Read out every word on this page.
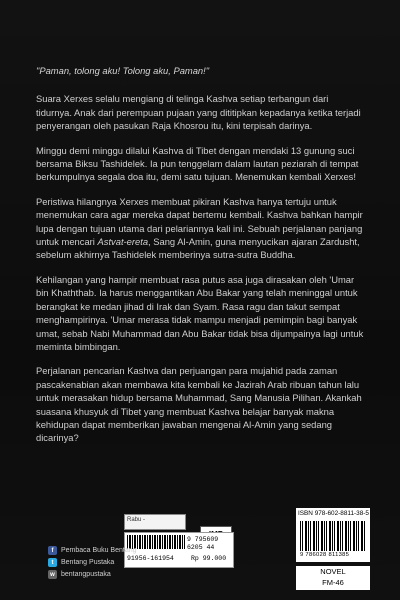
"Paman, tolong aku! Tolong aku, Paman!"

Suara Xerxes selalu mengiang di telinga Kashva setiap terbangun dari tidurnya. Anak dari perempuan pujaan yang dititipkan kepadanya ketika terjadi penyerangan oleh pasukan Raja Khosrou itu, kini terpisah darinya.

Minggu demi minggu dilalui Kashva di Tibet dengan mendaki 13 gunung suci bersama Biksu Tashidelek. Ia pun tenggelam dalam lautan peziarah di tempat berkumpulnya segala doa itu, demi satu tujuan. Menemukan kembali Xerxes!

Peristiwa hilangnya Xerxes membuat pikiran Kashva hanya tertuju untuk menemukan cara agar mereka dapat bertemu kembali. Kashva bahkan hampir lupa dengan tujuan utama dari pelariannya kali ini. Sebuah perjalanan panjang untuk mencari Astvat-ereta, Sang Al-Amin, guna menyucikan ajaran Zardusht, sebelum akhirnya Tashidelek memberinya sutra-sutra Buddha.

Kehilangan yang hampir membuat rasa putus asa juga dirasakan oleh 'Umar bin Khaththab. Ia harus menggantikan Abu Bakar yang telah meninggal untuk berangkat ke medan jihad di Irak dan Syam. Rasa ragu dan takut sempat menghampirinya. 'Umar merasa tidak mampu menjadi pemimpin bagi banyak umat, sebab Nabi Muhammad dan Abu Bakar tidak bisa dijumpainya lagi untuk meminta bimbingan.

Perjalanan pencarian Kashva dan perjuangan para mujahid pada zaman pascakenabian akan membawa kita kembali ke Jazirah Arab ribuan tahun lalu untuk merasakan hidup bersama Muhammad, Sang Manusia Pilihan. Akankah suasana khusyuk di Tibet yang membuat Kashva belajar banyak makna kehidupan dapat memberikan jawaban mengenai Al-Amin yang sedang dicarinya?

Rabu -
9 795609 6205 44
91956-161954	Rp 99.000
ISBN 978-602-8811-38-5
9 786028 811385
NOVEL
FM-46
f	Pembaca Buku Bentang
t	Bentang Pustaka
w bentangpustaka
